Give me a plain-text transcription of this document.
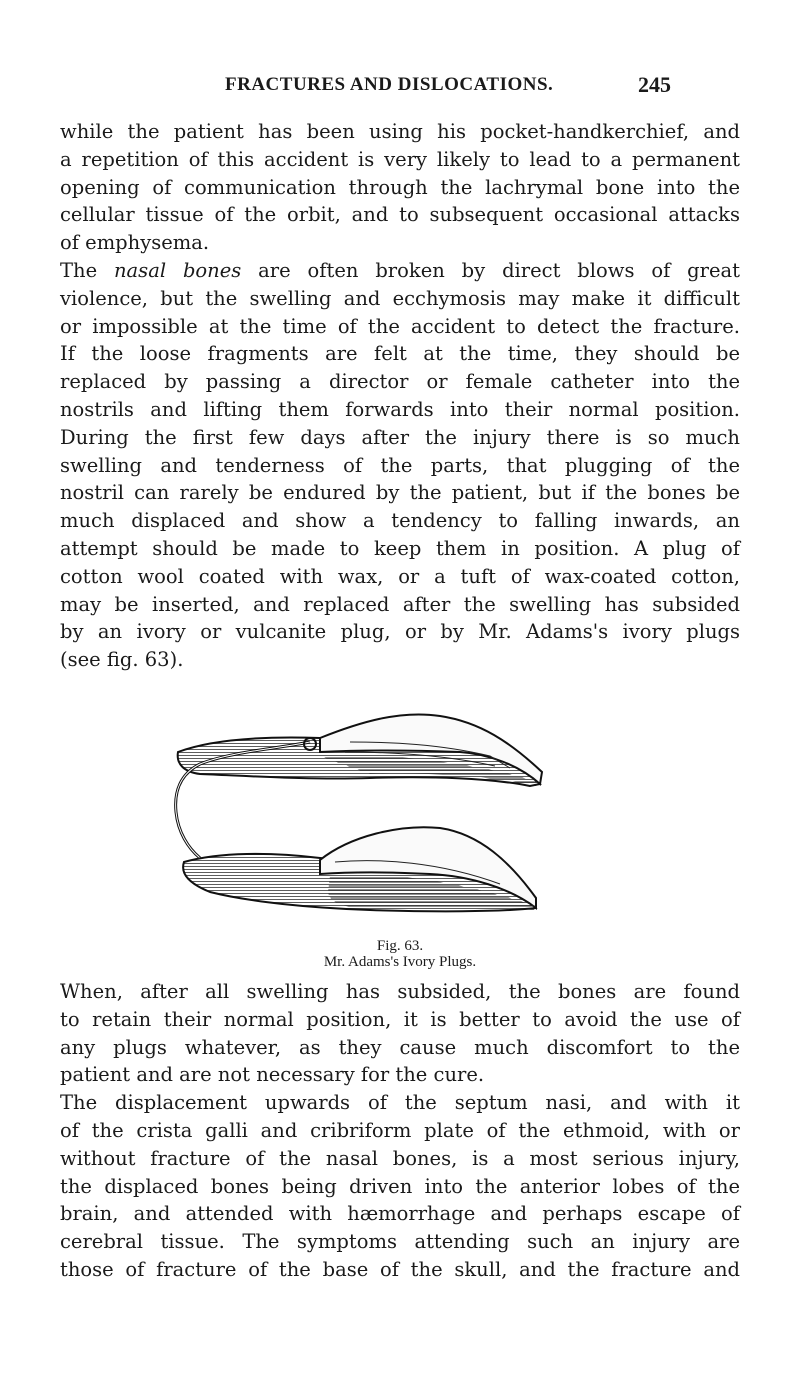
FRACTURES AND DISLOCATIONS.	245

while the patient has been using his pocket-handkerchief, and
a repetition of this accident is very likely to lead to a permanent
opening of communication through the lachrymal bone into the
cellular tissue of the orbit, and to subsequent occasional attacks
of emphysema.

The nasal bones are often broken by direct blows of great
violence, but the swelling and ecchymosis may make it difficult
or impossible at the time of the accident to detect the fracture.
If the loose fragments are felt at the time, they should be
replaced by passing a director or female catheter into the
nostrils and lifting them forwards into their normal position.
During the first few days after the injury there is so much
swelling and tenderness of the parts, that plugging of the
nostril can rarely be endured by the patient, but if the bones be
much displaced and show a tendency to falling inwards, an
attempt should be made to keep them in position. A plug of
cotton wool coated with wax, or a tuft of wax-coated cotton,
may be inserted, and replaced after the swelling has subsided
by an ivory or vulcanite plug, or by Mr. Adams's ivory plugs
(see fig. 63).

Fig. 63.
Mr. Adams's Ivory Plugs.

When, after all swelling has subsided, the bones are found
to retain their normal position, it is better to avoid the use of
any plugs whatever, as they cause much discomfort to the
patient and are not necessary for the cure.

The displacement upwards of the septum nasi, and with it
of the crista galli and cribriform plate of the ethmoid, with or
without fracture of the nasal bones, is a most serious injury,
the displaced bones being driven into the anterior lobes of the
brain, and attended with hæmorrhage and perhaps escape of
cerebral tissue. The symptoms attending such an injury are
those of fracture of the base of the skull, and the fracture and
